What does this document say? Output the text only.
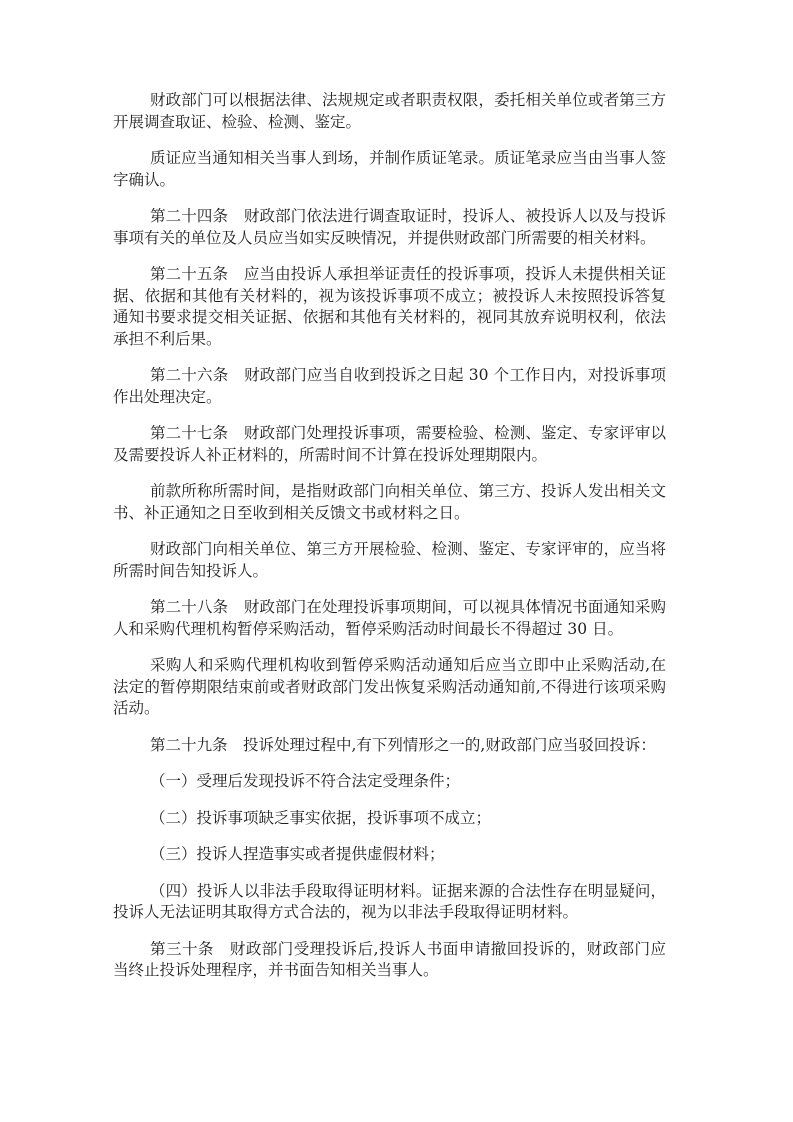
财政部门可以根据法律、法规规定或者职责权限，委托相关单位或者第三方开展调查取证、检验、检测、鉴定。

质证应当通知相关当事人到场，并制作质证笔录。质证笔录应当由当事人签字确认。

第二十四条　财政部门依法进行调查取证时，投诉人、被投诉人以及与投诉事项有关的单位及人员应当如实反映情况，并提供财政部门所需要的相关材料。

第二十五条　应当由投诉人承担举证责任的投诉事项，投诉人未提供相关证据、依据和其他有关材料的，视为该投诉事项不成立；被投诉人未按照投诉答复通知书要求提交相关证据、依据和其他有关材料的，视同其放弃说明权利，依法承担不利后果。

第二十六条　财政部门应当自收到投诉之日起 30 个工作日内，对投诉事项作出处理决定。

第二十七条　财政部门处理投诉事项，需要检验、检测、鉴定、专家评审以及需要投诉人补正材料的，所需时间不计算在投诉处理期限内。

前款所称所需时间，是指财政部门向相关单位、第三方、投诉人发出相关文书、补正通知之日至收到相关反馈文书或材料之日。

财政部门向相关单位、第三方开展检验、检测、鉴定、专家评审的，应当将所需时间告知投诉人。

第二十八条　财政部门在处理投诉事项期间，可以视具体情况书面通知采购人和采购代理机构暂停采购活动，暂停采购活动时间最长不得超过 30 日。

采购人和采购代理机构收到暂停采购活动通知后应当立即中止采购活动,在法定的暂停期限结束前或者财政部门发出恢复采购活动通知前,不得进行该项采购活动。

第二十九条　投诉处理过程中,有下列情形之一的,财政部门应当驳回投诉：

（一）受理后发现投诉不符合法定受理条件；

（二）投诉事项缺乏事实依据，投诉事项不成立；

（三）投诉人捏造事实或者提供虚假材料；

（四）投诉人以非法手段取得证明材料。证据来源的合法性存在明显疑问，投诉人无法证明其取得方式合法的，视为以非法手段取得证明材料。

第三十条　财政部门受理投诉后,投诉人书面申请撤回投诉的，财政部门应当终止投诉处理程序，并书面告知相关当事人。
